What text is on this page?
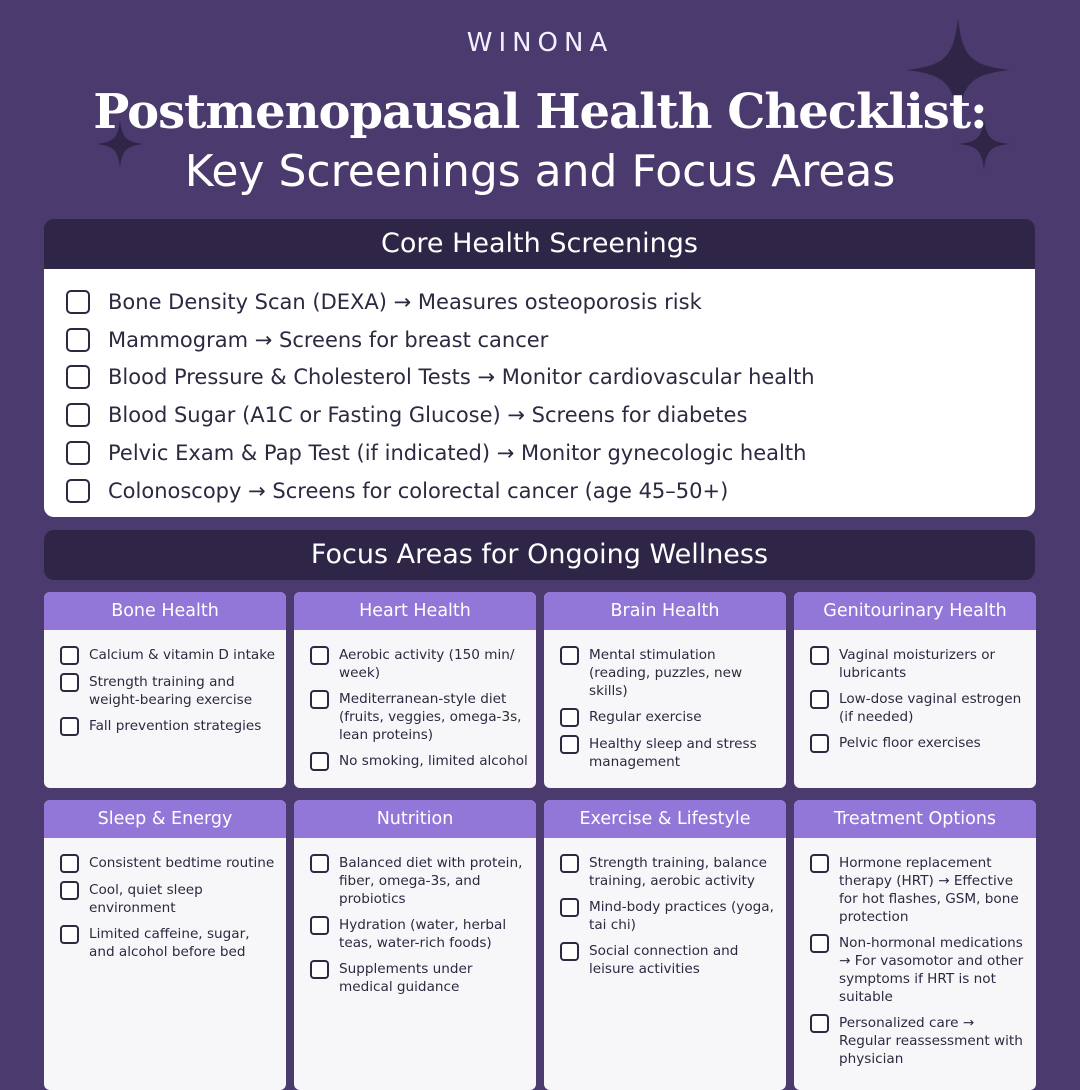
WINONA
Postmenopausal Health Checklist:
Key Screenings and Focus Areas
Core Health Screenings
Bone Density Scan (DEXA) → Measures osteoporosis risk
Mammogram → Screens for breast cancer
Blood Pressure & Cholesterol Tests → Monitor cardiovascular health
Blood Sugar (A1C or Fasting Glucose) → Screens for diabetes
Pelvic Exam & Pap Test (if indicated) → Monitor gynecologic health
Colonoscopy → Screens for colorectal cancer (age 45–50+)
Focus Areas for Ongoing Wellness
Bone Health
Calcium & vitamin D intake
Strength training and weight-bearing exercise
Fall prevention strategies
Heart Health
Aerobic activity (150 min/ week)
Mediterranean-style diet (fruits, veggies, omega-3s, lean proteins)
No smoking, limited alcohol
Brain Health
Mental stimulation (reading, puzzles, new skills)
Regular exercise
Healthy sleep and stress management
Genitourinary Health
Vaginal moisturizers or lubricants
Low-dose vaginal estrogen (if needed)
Pelvic floor exercises
Sleep & Energy
Consistent bedtime routine
Cool, quiet sleep environment
Limited caffeine, sugar, and alcohol before bed
Nutrition
Balanced diet with protein, fiber, omega-3s, and probiotics
Hydration (water, herbal teas, water-rich foods)
Supplements under medical guidance
Exercise & Lifestyle
Strength training, balance training, aerobic activity
Mind-body practices (yoga, tai chi)
Social connection and leisure activities
Treatment Options
Hormone replacement therapy (HRT) → Effective for hot flashes, GSM, bone protection
Non-hormonal medications → For vasomotor and other symptoms if HRT is not suitable
Personalized care → Regular reassessment with physician
